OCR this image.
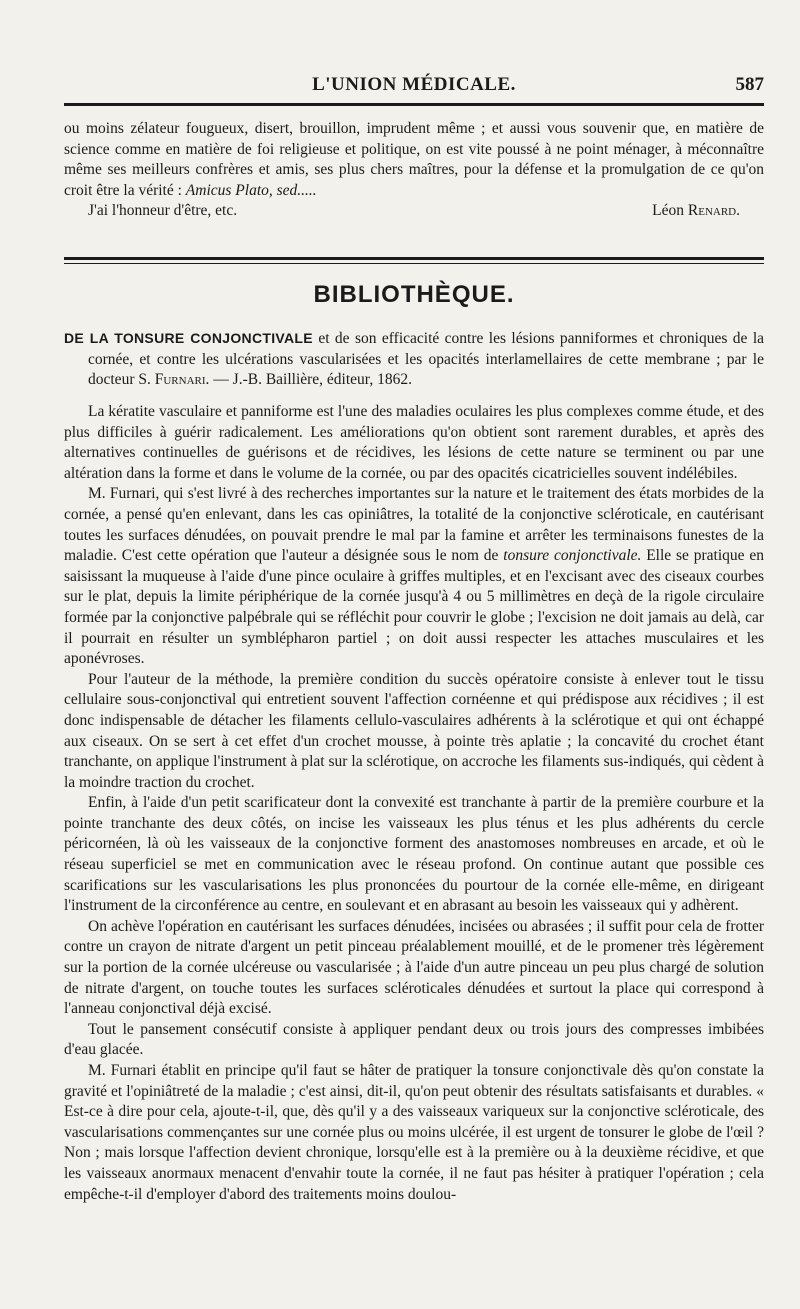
L'UNION MÉDICALE.	587

ou moins zélateur fougueux, disert, brouillon, imprudent même ; et aussi vous souvenir que, en matière de science comme en matière de foi religieuse et politique, on est vite poussé à ne point ménager, à méconnaître même ses meilleurs confrères et amis, ses plus chers maîtres, pour la défense et la promulgation de ce qu'on croit être la vérité : Amicus Plato, sed.....

J'ai l'honneur d'être, etc.	Léon Renard.
BIBLIOTHÈQUE.
DE LA TONSURE CONJONCTIVALE et de son efficacité contre les lésions panniformes et chroniques de la cornée, et contre les ulcérations vascularisées et les opacités interlamellaires de cette membrane ; par le docteur S. Furnari. — J.-B. Baillière, éditeur, 1862.

La kératite vasculaire et panniforme est l'une des maladies oculaires les plus complexes comme étude, et des plus difficiles à guérir radicalement. Les améliorations qu'on obtient sont rarement durables, et après des alternatives continuelles de guérisons et de récidives, les lésions de cette nature se terminent ou par une altération dans la forme et dans le volume de la cornée, ou par des opacités cicatricielles souvent indélébiles.

M. Furnari, qui s'est livré à des recherches importantes sur la nature et le traitement des états morbides de la cornée, a pensé qu'en enlevant, dans les cas opiniâtres, la totalité de la conjonctive scléroticale, en cautérisant toutes les surfaces dénudées, on pouvait prendre le mal par la famine et arrêter les terminaisons funestes de la maladie. C'est cette opération que l'auteur a désignée sous le nom de tonsure conjonctivale. Elle se pratique en saisissant la muqueuse à l'aide d'une pince oculaire à griffes multiples, et en l'excisant avec des ciseaux courbes sur le plat, depuis la limite périphérique de la cornée jusqu'à 4 ou 5 millimètres en deçà de la rigole circulaire formée par la conjonctive palpébrale qui se réfléchit pour couvrir le globe ; l'excision ne doit jamais au delà, car il pourrait en résulter un symblépharon partiel ; on doit aussi respecter les attaches musculaires et les aponévroses.

Pour l'auteur de la méthode, la première condition du succès opératoire consiste à enlever tout le tissu cellulaire sous-conjonctival qui entretient souvent l'affection cornéenne et qui prédispose aux récidives ; il est donc indispensable de détacher les filaments cellulo-vasculaires adhérents à la sclérotique et qui ont échappé aux ciseaux. On se sert à cet effet d'un crochet mousse, à pointe très aplatie ; la concavité du crochet étant tranchante, on applique l'instrument à plat sur la sclérotique, on accroche les filaments sus-indiqués, qui cèdent à la moindre traction du crochet.

Enfin, à l'aide d'un petit scarificateur dont la convexité est tranchante à partir de la première courbure et la pointe tranchante des deux côtés, on incise les vaisseaux les plus ténus et les plus adhérents du cercle péricornéen, là où les vaisseaux de la conjonctive forment des anastomoses nombreuses en arcade, et où le réseau superficiel se met en communication avec le réseau profond. On continue autant que possible ces scarifications sur les vascularisations les plus prononcées du pourtour de la cornée elle-même, en dirigeant l'instrument de la circonférence au centre, en soulevant et en abrasant au besoin les vaisseaux qui y adhèrent.

On achève l'opération en cautérisant les surfaces dénudées, incisées ou abrasées ; il suffit pour cela de frotter contre un crayon de nitrate d'argent un petit pinceau préalablement mouillé, et de le promener très légèrement sur la portion de la cornée ulcéreuse ou vascularisée ; à l'aide d'un autre pinceau un peu plus chargé de solution de nitrate d'argent, on touche toutes les surfaces scléroticales dénudées et surtout la place qui correspond à l'anneau conjonctival déjà excisé.

Tout le pansement consécutif consiste à appliquer pendant deux ou trois jours des compresses imbibées d'eau glacée.

M. Furnari établit en principe qu'il faut se hâter de pratiquer la tonsure conjonctivale dès qu'on constate la gravité et l'opiniâtreté de la maladie ; c'est ainsi, dit-il, qu'on peut obtenir des résultats satisfaisants et durables. « Est-ce à dire pour cela, ajoute-t-il, que, dès qu'il y a des vaisseaux variqueux sur la conjonctive scléroticale, des vascularisations commençantes sur une cornée plus ou moins ulcérée, il est urgent de tonsurer le globe de l'œil ? Non ; mais lorsque l'affection devient chronique, lorsqu'elle est à la première ou à la deuxième récidive, et que les vaisseaux anormaux menacent d'envahir toute la cornée, il ne faut pas hésiter à pratiquer l'opération ; cela empêche-t-il d'employer d'abord des traitements moins doulou-
